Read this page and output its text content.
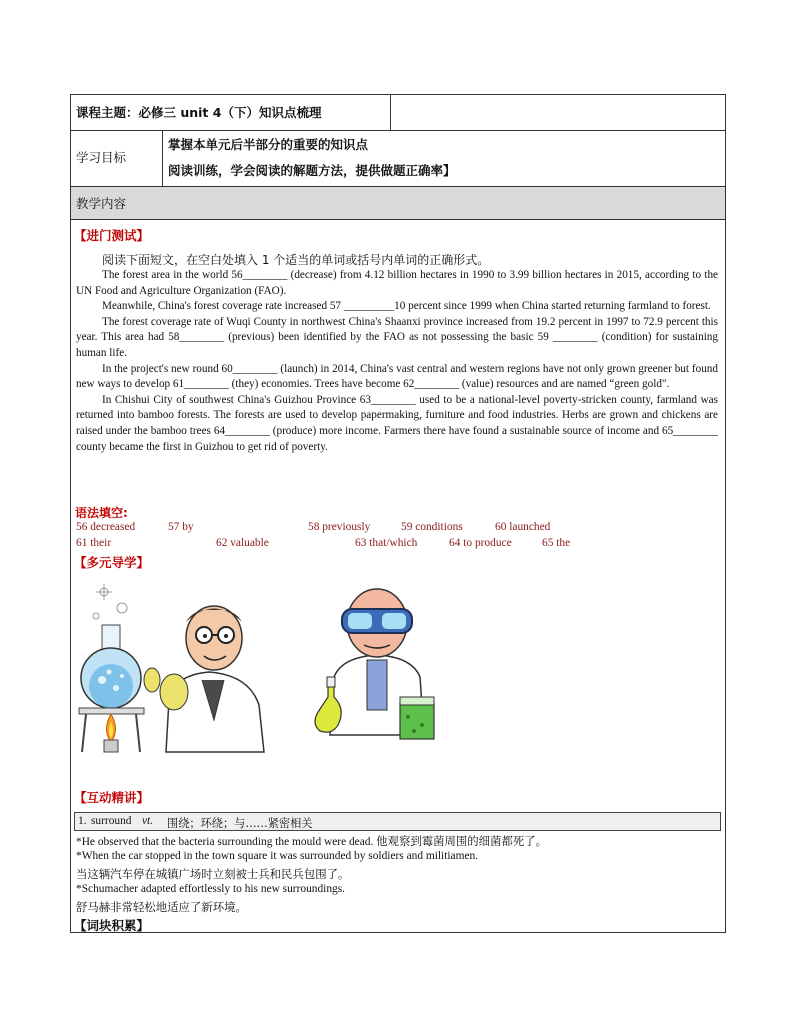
课程主题：必修三 unit 4（下）知识点梳理
学习目标
掌握本单元后半部分的重要的知识点
阅读训练，学会阅读的解题方法，提供做题正确率】
教学内容
【进门测试】
阅读下面短文，在空白处填入 1 个适当的单词或括号内单词的正确形式。

The forest area in the world 56________ (decrease) from 4.12 billion hectares in 1990 to 3.99 billion hectares in 2015, according to the UN Food and Agriculture Organization (FAO).

Meanwhile, China's forest coverage rate increased 57 _________10 percent since 1999 when China started returning farmland to forest.

The forest coverage rate of Wuqi County in northwest China's Shaanxi province increased from 19.2 percent in 1997 to 72.9 percent this year. This area had 58________ (previous) been identified by the FAO as not possessing the basic 59 ________ (condition) for sustaining human life.

In the project's new round 60________ (launch) in 2014, China's vast central and western regions have not only grown greener but found new ways to develop 61________ (they) economies. Trees have become 62________ (value) resources and are named “green gold".

In Chishui City of southwest China's Guizhou Province 63________ used to be a national-level poverty-stricken county, farmland was returned into bamboo forests. The forests are used to develop papermaking, furniture and food industries. Herbs are grown and chickens are raised under the bamboo trees 64________ (produce) more income. Farmers there have found a sustainable source of income and 65________ county became the first in Guizhou to get rid of poverty.

语法填空:
56 decreased	57 by	58 previously	59 conditions	60 launched
61 their	62 valuable	63 that/which	64 to produce	65 the
【多元导学】
【互动精讲】
1. surround vt. 围绕；环绕；与……紧密相关
*He observed that the bacteria surrounding the mould were dead. 他观察到霉菌周围的细菌都死了。
*When the car stopped in the town square it was surrounded by soldiers and militiamen.
当这辆汽车停在城镇广场时立刻被士兵和民兵包围了。
*Schumacher adapted effortlessly to his new surroundings.
舒马赫非常轻松地适应了新环境。
【词块积累】
